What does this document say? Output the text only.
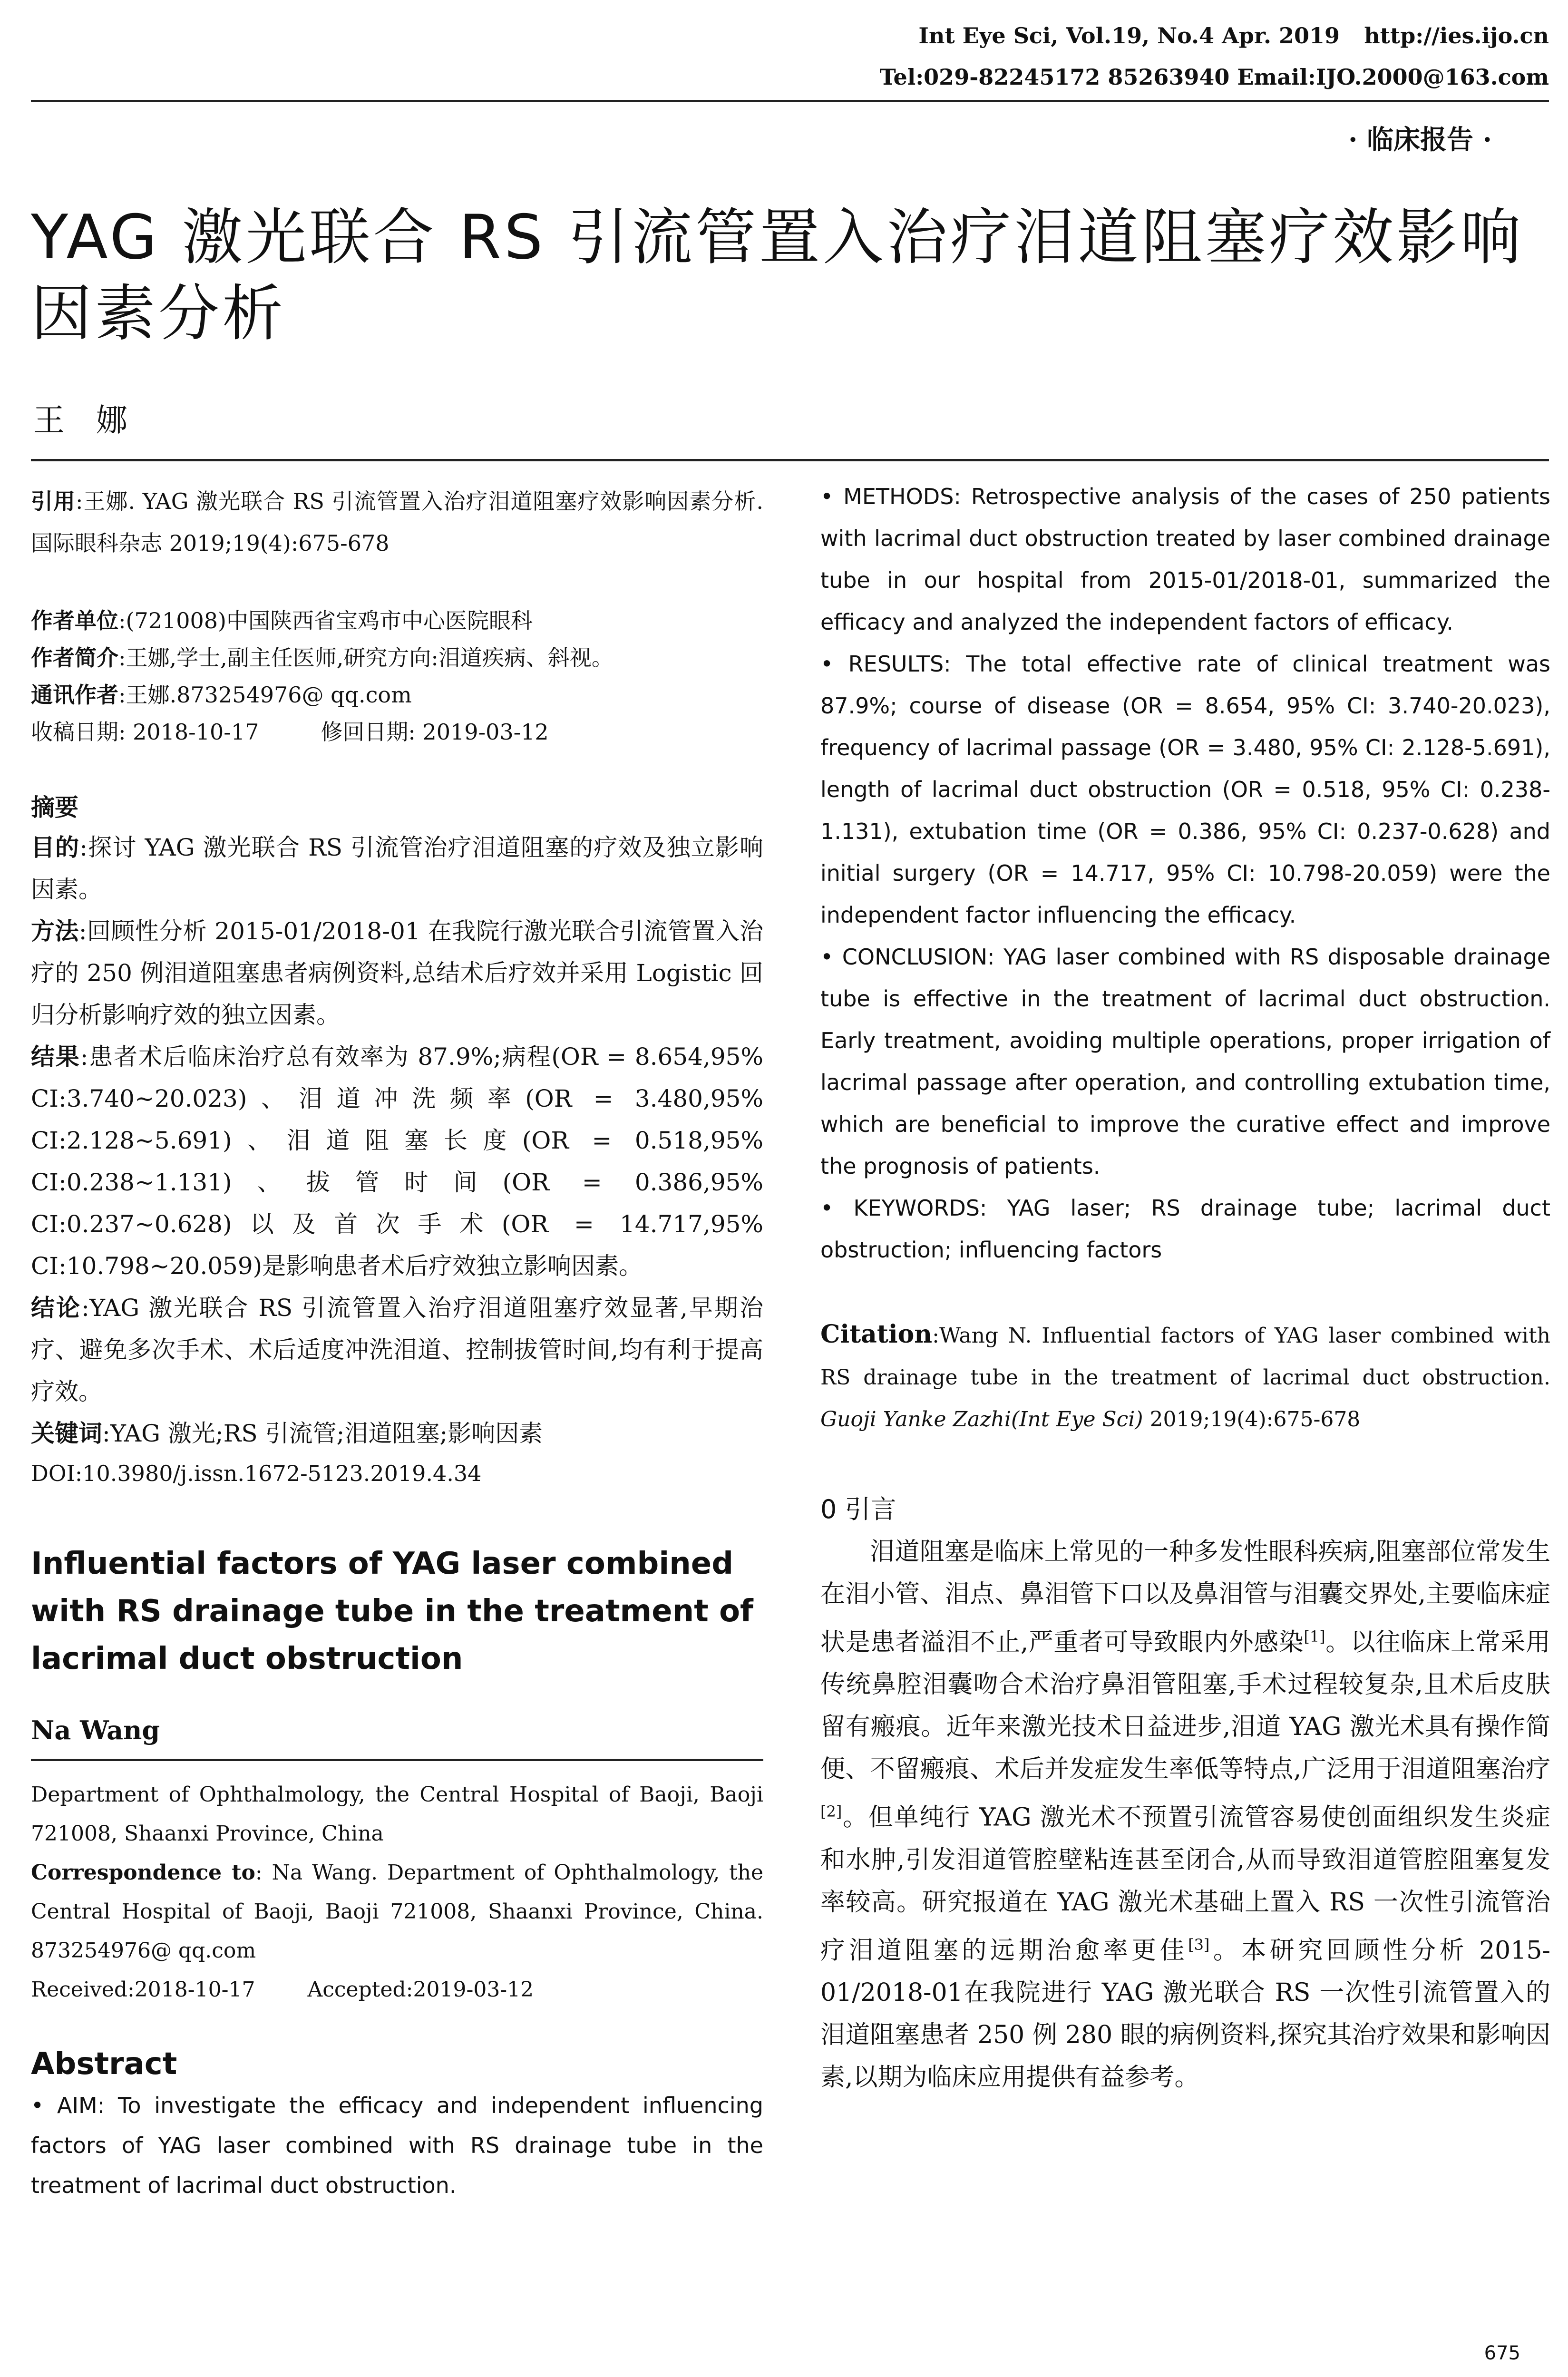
Int Eye Sci, Vol.19, No.4 Apr. 2019 http://ies.ijo.cn
Tel:029-82245172 85263940 Email:IJO.2000@163.com
· 临床报告 ·
YAG 激光联合 RS 引流管置入治疗泪道阻塞疗效影响因素分析
王　娜

引用:王娜. YAG 激光联合 RS 引流管置入治疗泪道阻塞疗效影响因素分析.国际眼科杂志 2019;19(4):675-678

作者单位:(721008)中国陕西省宝鸡市中心医院眼科

作者简介:王娜,学士,副主任医师,研究方向:泪道疾病、斜视。

通讯作者:王娜.873254976@ qq.com

收稿日期: 2018-10-17	修回日期: 2019-03-12

摘要

目的:探讨 YAG 激光联合 RS 引流管治疗泪道阻塞的疗效及独立影响因素。

方法:回顾性分析 2015-01/2018-01 在我院行激光联合引流管置入治疗的 250 例泪道阻塞患者病例资料,总结术后疗效并采用 Logistic 回归分析影响疗效的独立因素。

结果:患者术后临床治疗总有效率为 87.9%;病程(OR = 8.654,95% CI:3.740~20.023)、泪道冲洗频率(OR = 3.480,95% CI:2.128~5.691)、泪道阻塞长度(OR = 0.518,95% CI:0.238~1.131)、拔管时间(OR = 0.386,95% CI:0.237~0.628)以及首次手术(OR = 14.717,95% CI:10.798~20.059)是影响患者术后疗效独立影响因素。

结论:YAG 激光联合 RS 引流管置入治疗泪道阻塞疗效显著,早期治疗、避免多次手术、术后适度冲洗泪道、控制拔管时间,均有利于提高疗效。

关键词:YAG 激光;RS 引流管;泪道阻塞;影响因素

DOI:10.3980/j.issn.1672-5123.2019.4.34

Influential factors of YAG laser combined with RS drainage tube in the treatment of lacrimal duct obstruction

Na Wang

Department of Ophthalmology, the Central Hospital of Baoji, Baoji 721008, Shaanxi Province, China

Correspondence to: Na Wang. Department of Ophthalmology, the Central Hospital of Baoji, Baoji 721008, Shaanxi Province, China. 873254976@ qq.com

Received:2018-10-17	Accepted:2019-03-12

Abstract

• AIM: To investigate the efficacy and independent influencing factors of YAG laser combined with RS drainage tube in the treatment of lacrimal duct obstruction.

• METHODS: Retrospective analysis of the cases of 250 patients with lacrimal duct obstruction treated by laser combined drainage tube in our hospital from 2015-01/2018-01, summarized the efficacy and analyzed the independent factors of efficacy.

• RESULTS: The total effective rate of clinical treatment was 87.9%; course of disease (OR = 8.654, 95% CI: 3.740-20.023), frequency of lacrimal passage (OR = 3.480, 95% CI: 2.128-5.691), length of lacrimal duct obstruction (OR = 0.518, 95% CI: 0.238-1.131), extubation time (OR = 0.386, 95% CI: 0.237-0.628) and initial surgery (OR = 14.717, 95% CI: 10.798-20.059) were the independent factor influencing the efficacy.

• CONCLUSION: YAG laser combined with RS disposable drainage tube is effective in the treatment of lacrimal duct obstruction. Early treatment, avoiding multiple operations, proper irrigation of lacrimal passage after operation, and controlling extubation time, which are beneficial to improve the curative effect and improve the prognosis of patients.

• KEYWORDS: YAG laser; RS drainage tube; lacrimal duct obstruction; influencing factors

Citation:Wang N. Influential factors of YAG laser combined with RS drainage tube in the treatment of lacrimal duct obstruction. Guoji Yanke Zazhi(Int Eye Sci) 2019;19(4):675-678

0 引言

泪道阻塞是临床上常见的一种多发性眼科疾病,阻塞部位常发生在泪小管、泪点、鼻泪管下口以及鼻泪管与泪囊交界处,主要临床症状是患者溢泪不止,严重者可导致眼内外感染[1]。以往临床上常采用传统鼻腔泪囊吻合术治疗鼻泪管阻塞,手术过程较复杂,且术后皮肤留有瘢痕。近年来激光技术日益进步,泪道 YAG 激光术具有操作简便、不留瘢痕、术后并发症发生率低等特点,广泛用于泪道阻塞治疗[2]。但单纯行 YAG 激光术不预置引流管容易使创面组织发生炎症和水肿,引发泪道管腔壁粘连甚至闭合,从而导致泪道管腔阻塞复发率较高。研究报道在 YAG 激光术基础上置入 RS 一次性引流管治疗泪道阻塞的远期治愈率更佳[3]。本研究回顾性分析 2015-01/2018-01在我院进行 YAG 激光联合 RS 一次性引流管置入的泪道阻塞患者 250 例 280 眼的病例资料,探究其治疗效果和影响因素,以期为临床应用提供有益参考。

675
